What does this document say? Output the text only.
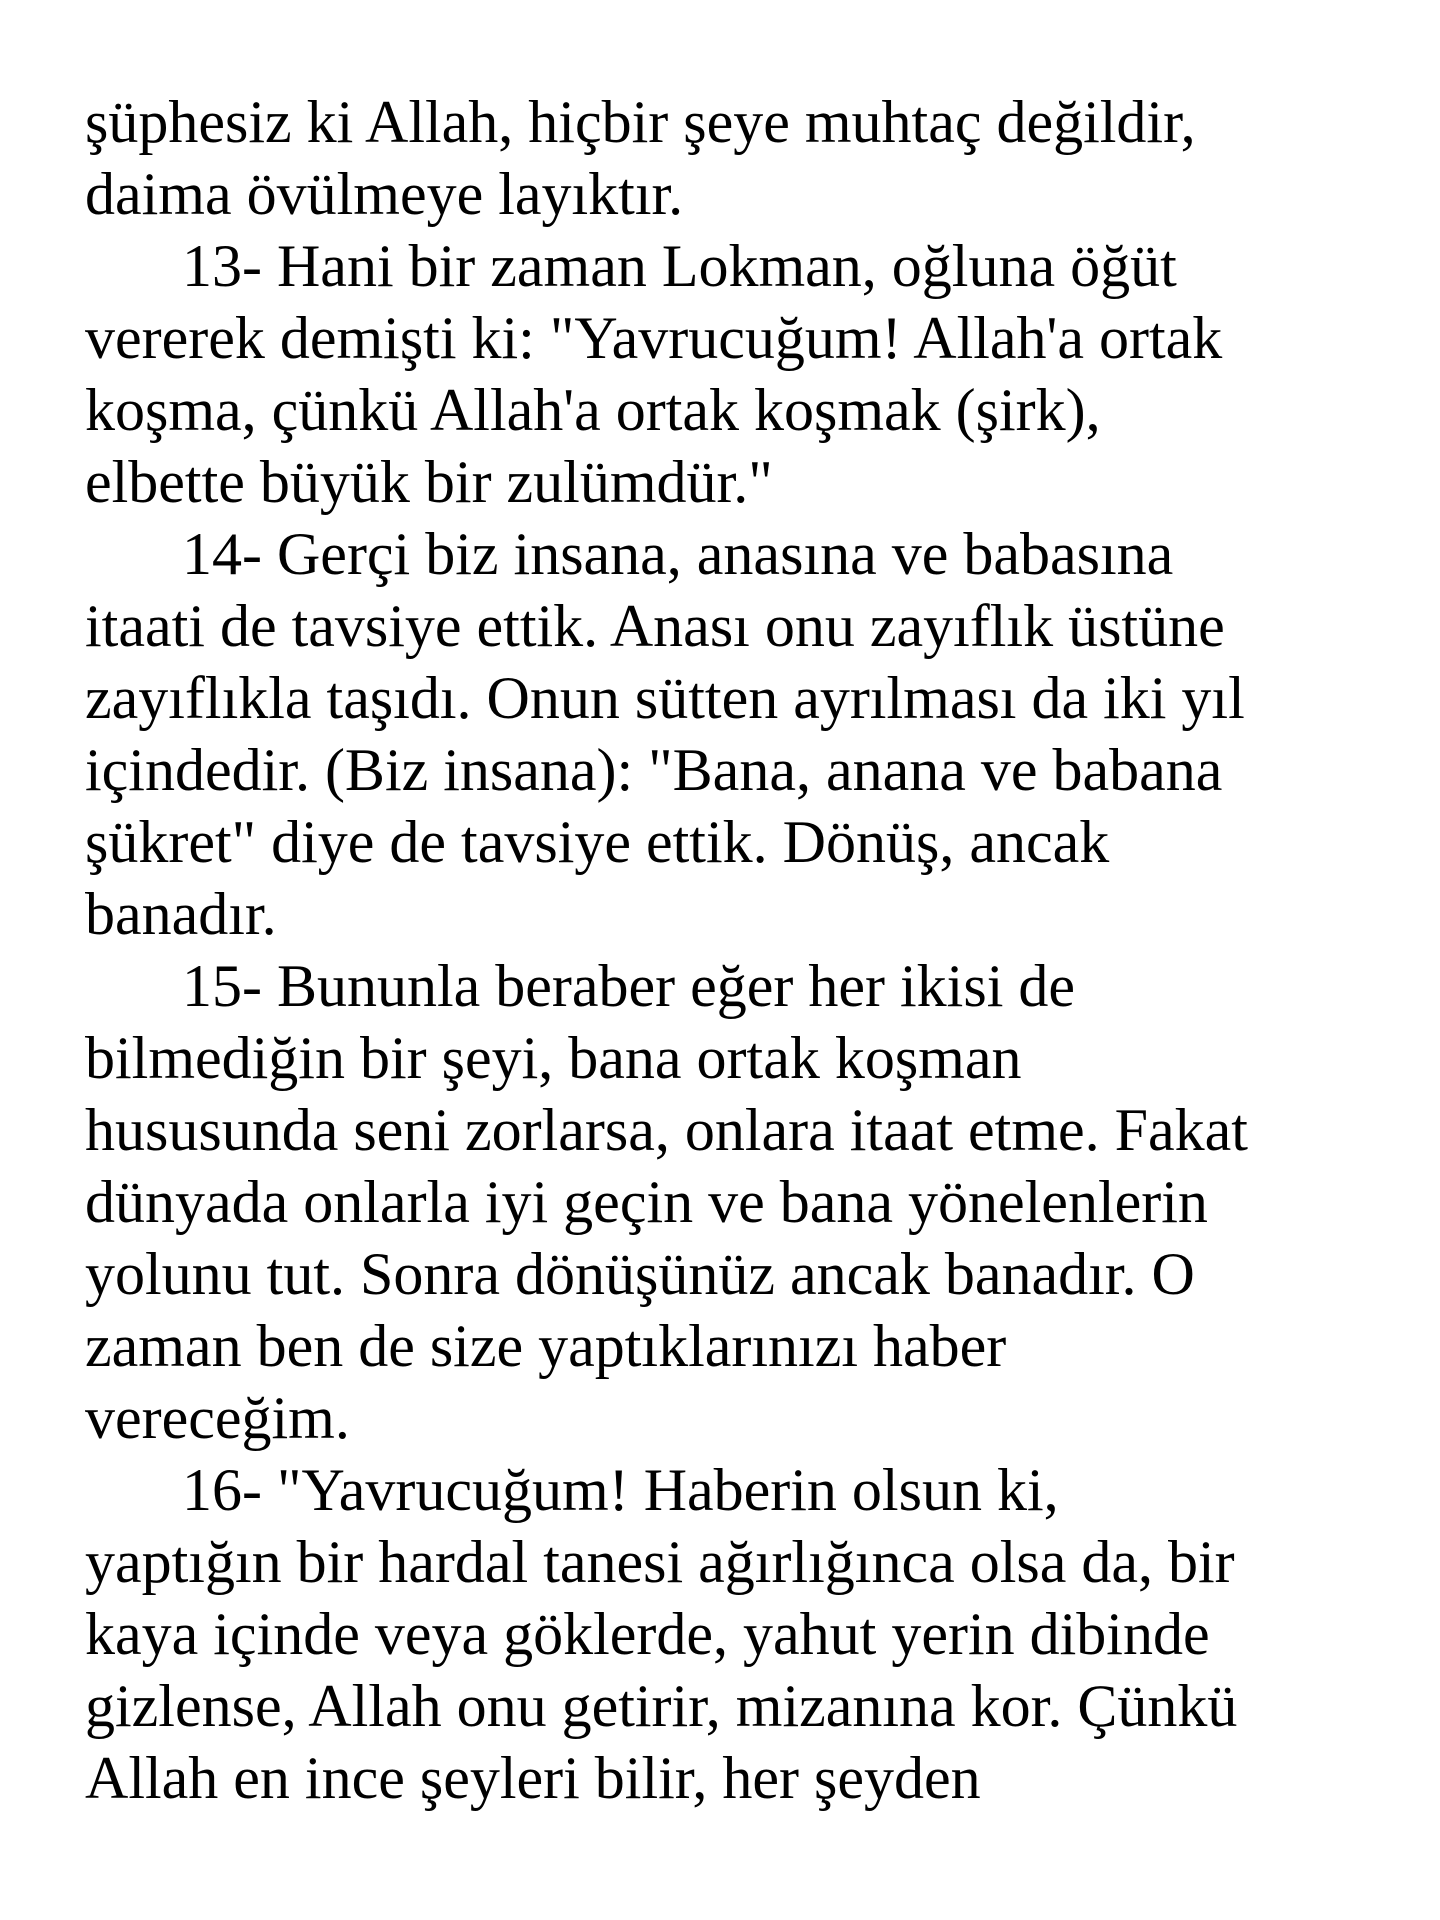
şüphesiz ki Allah, hiçbir şeye muhtaç değildir,
daima övülmeye layıktır.
13- Hani bir zaman Lokman, oğluna öğüt
vererek demişti ki: "Yavrucuğum! Allah'a ortak
koşma, çünkü Allah'a ortak koşmak (şirk),
elbette büyük bir zulümdür."
14- Gerçi biz insana, anasına ve babasına
itaati de tavsiye ettik. Anası onu zayıflık üstüne
zayıflıkla taşıdı. Onun sütten ayrılması da iki yıl
içindedir. (Biz insana): "Bana, anana ve babana
şükret" diye de tavsiye ettik. Dönüş, ancak
banadır.
15- Bununla beraber eğer her ikisi de
bilmediğin bir şeyi, bana ortak koşman
hususunda seni zorlarsa, onlara itaat etme. Fakat
dünyada onlarla iyi geçin ve bana yönelenlerin
yolunu tut. Sonra dönüşünüz ancak banadır. O
zaman ben de size yaptıklarınızı haber
vereceğim.
16- "Yavrucuğum! Haberin olsun ki,
yaptığın bir hardal tanesi ağırlığınca olsa da, bir
kaya içinde veya göklerde, yahut yerin dibinde
gizlense, Allah onu getirir, mizanına kor. Çünkü
Allah en ince şeyleri bilir, her şeyden
